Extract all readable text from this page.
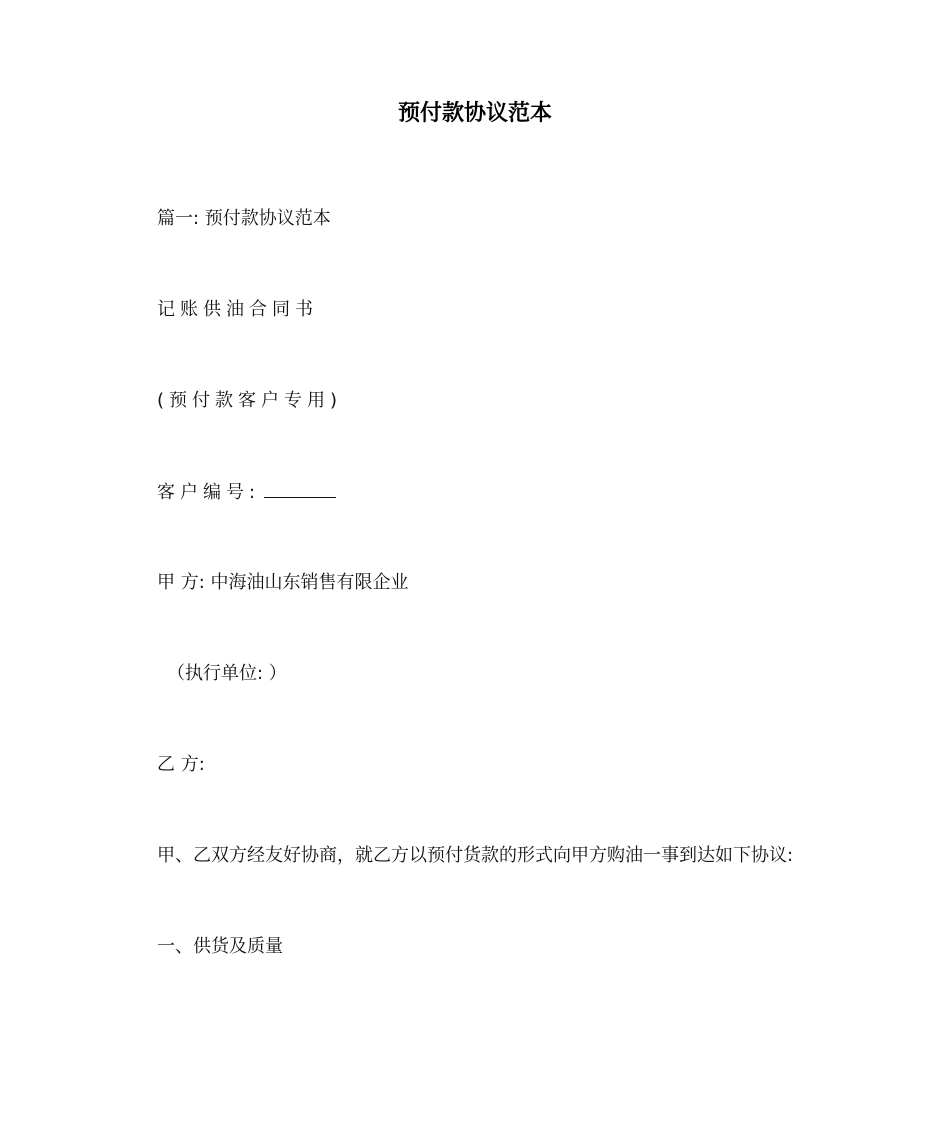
预付款协议范本

篇一: 预付款协议范本

记账供油合同书

(预付款客户专用)

客户编号:

甲 方: 中海油山东销售有限企业

（执行单位: ）

乙 方:

甲、乙双方经友好协商，就乙方以预付货款的形式向甲方购油一事到达如下协议:

一、供货及质量
